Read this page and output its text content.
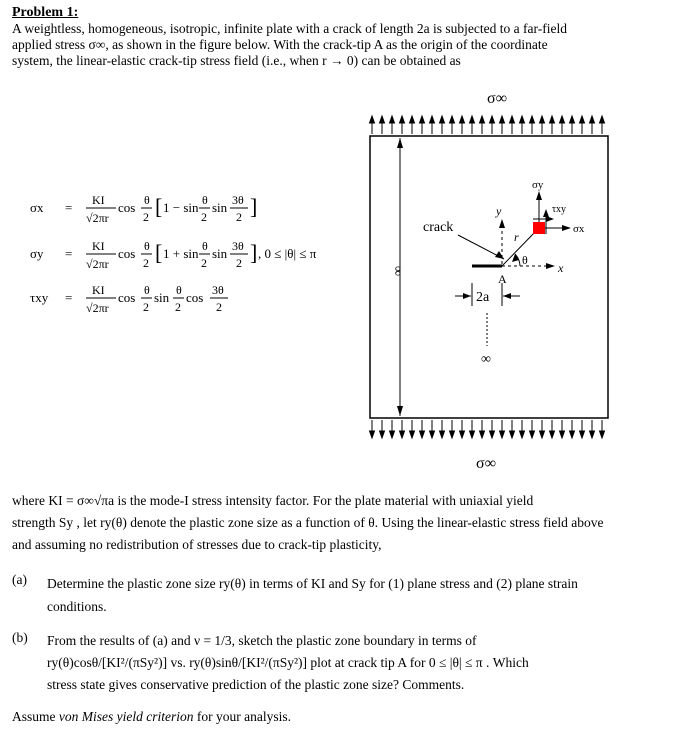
Problem 1:
A weightless, homogeneous, isotropic, infinite plate with a crack of length 2a is subjected to a far-field
applied stress σ∞, as shown in the figure below. With the crack-tip A as the origin of the coordinate
system, the linear-elastic crack-tip stress field (i.e., when r → 0) can be obtained as
σx = KI
√2πr
cos θ
2 [ 1 − sin θ
2
sin 3θ
2 ]
σy = KI
√2πr
cos θ
2 [ 1 + sin θ
2
sin 3θ
2 ] , 0 ≤ |θ| ≤ π
τxy = KI
√2πr
cos θ
2
sin θ
2
cos 3θ
2
σ∞
∞
crack
A
2a
∞
y
x
r
θ
σy
σx
τxy
σ∞
where KI = σ∞√πa is the mode-I stress intensity factor. For the plate material with uniaxial yield
strength Sy , let ry(θ) denote the plastic zone size as a function of θ. Using the linear-elastic stress field above
and assuming no redistribution of stresses due to crack-tip plasticity,
(a) Determine the plastic zone size ry(θ) in terms of KI and Sy for (1) plane stress and (2) plane strain
conditions.
(b) From the results of (a) and ν = 1/3, sketch the plastic zone boundary in terms of
ry(θ)cosθ/[KI²/(πSy²)] vs. ry(θ)sinθ/[KI²/(πSy²)] plot at crack tip A for 0 ≤ |θ| ≤ π . Which
stress state gives conservative prediction of the plastic zone size? Comments.
Assume von Mises yield criterion for your analysis.
